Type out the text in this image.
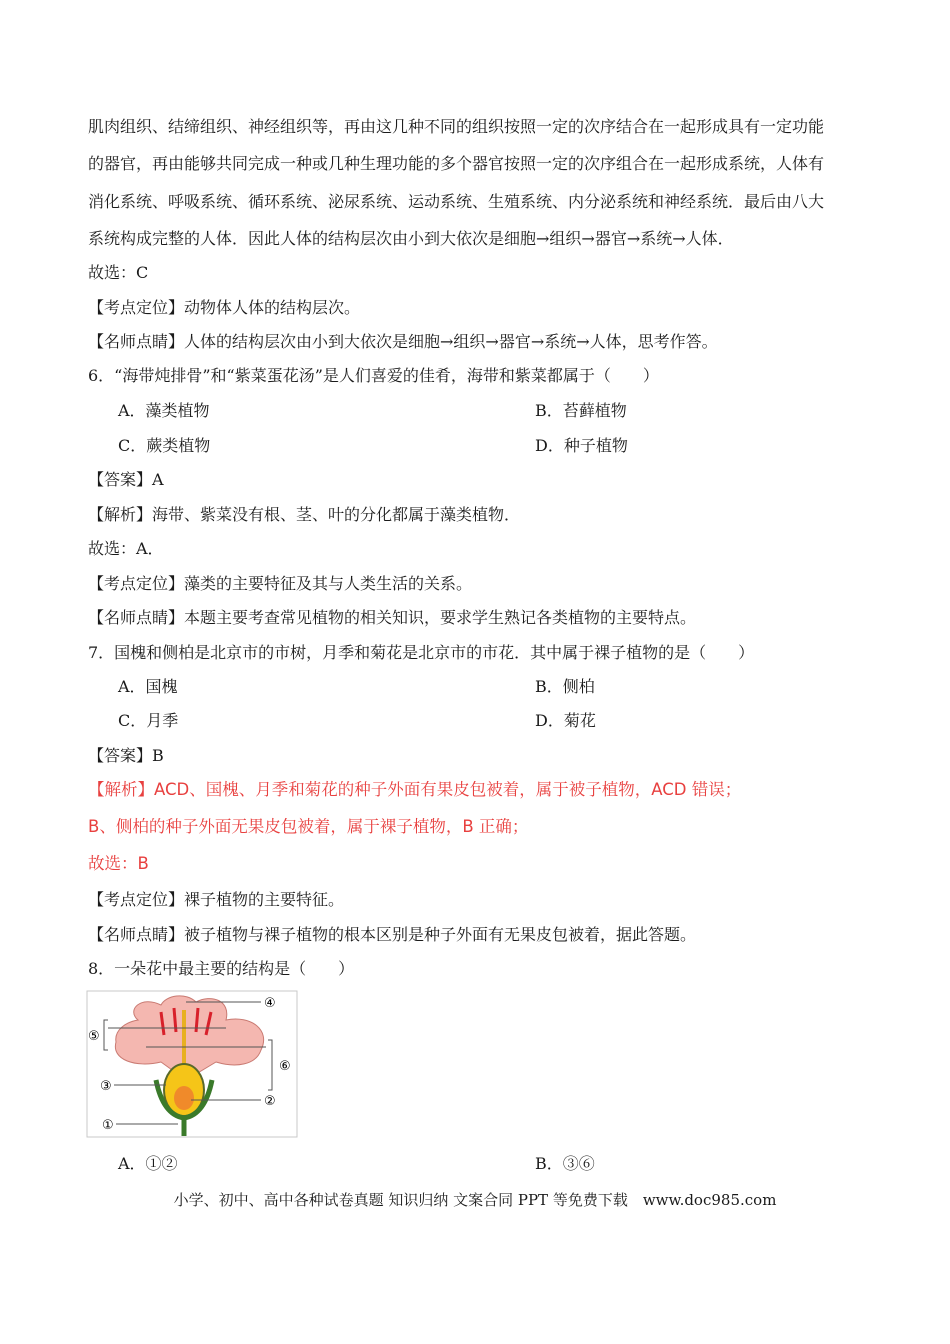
肌肉组织、结缔组织、神经组织等，再由这几种不同的组织按照一定的次序结合在一起形成具有一定功能
的器官，再由能够共同完成一种或几种生理功能的多个器官按照一定的次序组合在一起形成系统，人体有
消化系统、呼吸系统、循环系统、泌尿系统、运动系统、生殖系统、内分泌系统和神经系统．最后由八大
系统构成完整的人体．因此人体的结构层次由小到大依次是细胞→组织→器官→系统→人体．
故选：C
【考点定位】动物体人体的结构层次。
【名师点睛】人体的结构层次由小到大依次是细胞→组织→器官→系统→人体，思考作答。
6．“海带炖排骨”和“紫菜蛋花汤”是人们喜爱的佳肴，海带和紫菜都属于（　　）
A．藻类植物	B．苔藓植物
C．蕨类植物	D．种子植物
【答案】A
【解析】海带、紫菜没有根、茎、叶的分化都属于藻类植物．
故选：A．
【考点定位】藻类的主要特征及其与人类生活的关系。
【名师点睛】本题主要考查常见植物的相关知识，要求学生熟记各类植物的主要特点。
7．国槐和侧柏是北京市的市树，月季和菊花是北京市的市花．其中属于裸子植物的是（　　）
A．国槐	B．侧柏
C．月季	D．菊花
【答案】B
【解析】ACD、国槐、月季和菊花的种子外面有果皮包被着，属于被子植物，ACD 错误；
B、侧柏的种子外面无果皮包被着，属于裸子植物，B 正确；
故选：B
【考点定位】裸子植物的主要特征。
【名师点睛】被子植物与裸子植物的根本区别是种子外面有无果皮包被着，据此答题。
8．一朵花中最主要的结构是（　　）
④
⑤
⑥
③
②
①
A．①②	B．③⑥
小学、初中、高中各种试卷真题 知识归纳 文案合同 PPT 等免费下载　www.doc985.com
